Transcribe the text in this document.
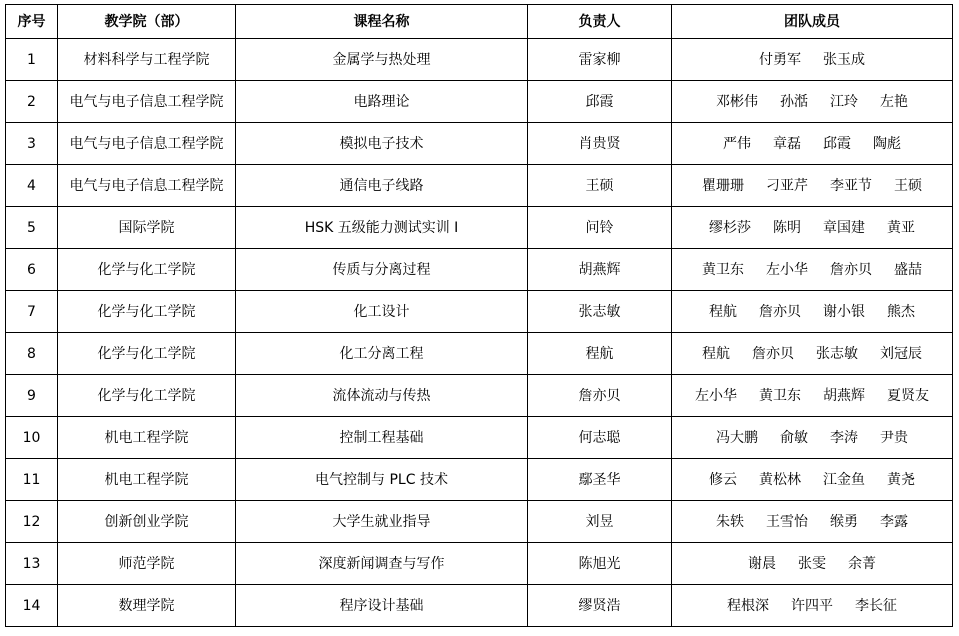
序号	教学院（部）	课程名称	负责人	团队成员
1	材料科学与工程学院	金属学与热处理	雷家柳	付勇军 张玉成

2	电气与电子信息工程学院	电路理论	邱霞	邓彬伟 孙湉 江玲 左艳

3	电气与电子信息工程学院	模拟电子技术	肖贵贤	严伟 章磊 邱霞 陶彪

4	电气与电子信息工程学院	通信电子线路	王硕	瞿珊珊 刁亚芹 李亚节 王硕

5	国际学院	HSK 五级能力测试实训 I	问铃	缪杉莎 陈明 章国建 黄亚

6	化学与化工学院	传质与分离过程	胡燕辉	黄卫东 左小华 詹亦贝 盛喆

7	化学与化工学院	化工设计	张志敏	程航 詹亦贝 谢小银 熊杰

8	化学与化工学院	化工分离工程	程航	程航 詹亦贝 张志敏 刘冠辰

9	化学与化工学院	流体流动与传热	詹亦贝	左小华 黄卫东 胡燕辉 夏贤友

10	机电工程学院	控制工程基础	何志聪	冯大鹏 俞敏 李涛 尹贵

11	机电工程学院	电气控制与 PLC 技术	鄢圣华	修云 黄松林 江金鱼 黄尧

12	创新创业学院	大学生就业指导	刘昱	朱轶 王雪怡 缑勇 李露

13	师范学院	深度新闻调查与写作	陈旭光	谢晨 张雯 余菁

14	数理学院	程序设计基础	缪贤浩	程根深 许四平 李长征
